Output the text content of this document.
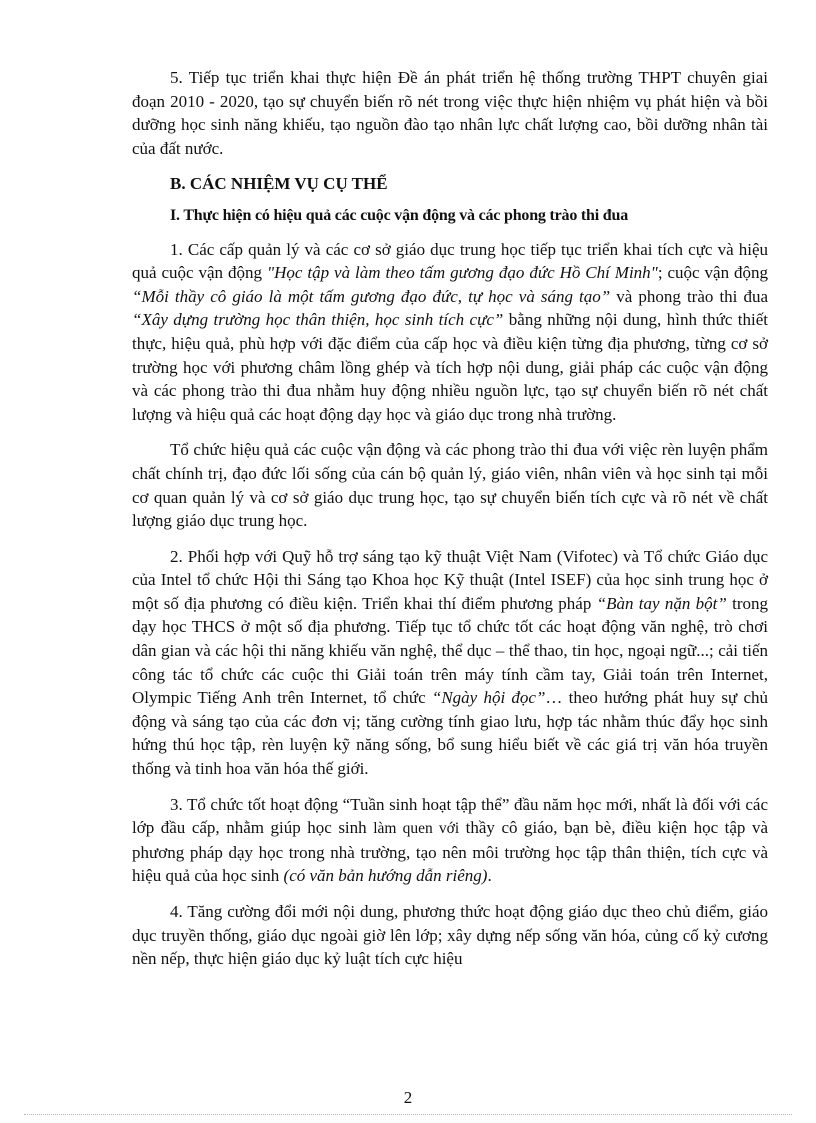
5. Tiếp tục triển khai thực hiện Đề án phát triển hệ thống trường THPT chuyên giai đoạn 2010 - 2020, tạo sự chuyển biến rõ nét trong việc thực hiện nhiệm vụ phát hiện và bồi dưỡng học sinh năng khiếu, tạo nguồn đào tạo nhân lực chất lượng cao, bồi dưỡng nhân tài của đất nước.

B. CÁC NHIỆM VỤ CỤ THỂ

I. Thực hiện có hiệu quả các cuộc vận động và các phong trào thi đua

1. Các cấp quản lý và các cơ sở giáo dục trung học tiếp tục triển khai tích cực và hiệu quả cuộc vận động "Học tập và làm theo tấm gương đạo đức Hồ Chí Minh"; cuộc vận động “Mỗi thầy cô giáo là một tấm gương đạo đức, tự học và sáng tạo” và phong trào thi đua “Xây dựng trường học thân thiện, học sinh tích cực” bằng những nội dung, hình thức thiết thực, hiệu quả, phù hợp với đặc điểm của cấp học và điều kiện từng địa phương, từng cơ sở trường học với phương châm lồng ghép và tích hợp nội dung, giải pháp các cuộc vận động và các phong trào thi đua nhằm huy động nhiều nguồn lực, tạo sự chuyển biến rõ nét chất lượng và hiệu quả các hoạt động dạy học và giáo dục trong nhà trường.

Tổ chức hiệu quả các cuộc vận động và các phong trào thi đua với việc rèn luyện phẩm chất chính trị, đạo đức lối sống của cán bộ quản lý, giáo viên, nhân viên và học sinh tại mỗi cơ quan quản lý và cơ sở giáo dục trung học, tạo sự chuyển biến tích cực và rõ nét về chất lượng giáo dục trung học.

2. Phối hợp với Quỹ hỗ trợ sáng tạo kỹ thuật Việt Nam (Vifotec) và Tổ chức Giáo dục của Intel tổ chức Hội thi Sáng tạo Khoa học Kỹ thuật (Intel ISEF) của học sinh trung học ở một số địa phương có điều kiện. Triển khai thí điểm phương pháp “Bàn tay nặn bột” trong dạy học THCS ở một số địa phương. Tiếp tục tổ chức tốt các hoạt động văn nghệ, trò chơi dân gian và các hội thi năng khiếu văn nghệ, thể dục – thể thao, tin học, ngoại ngữ...; cải tiến công tác tổ chức các cuộc thi Giải toán trên máy tính cầm tay, Giải toán trên Internet, Olympic Tiếng Anh trên Internet, tổ chức “Ngày hội đọc”… theo hướng phát huy sự chủ động và sáng tạo của các đơn vị; tăng cường tính giao lưu, hợp tác nhằm thúc đẩy học sinh hứng thú học tập, rèn luyện kỹ năng sống, bổ sung hiểu biết về các giá trị văn hóa truyền thống và tinh hoa văn hóa thế giới.

3. Tổ chức tốt hoạt động “Tuần sinh hoạt tập thể” đầu năm học mới, nhất là đối với các lớp đầu cấp, nhằm giúp học sinh làm quen với thầy cô giáo, bạn bè, điều kiện học tập và phương pháp dạy học trong nhà trường, tạo nên môi trường học tập thân thiện, tích cực và hiệu quả của học sinh (có văn bản hướng dẫn riêng).

4. Tăng cường đổi mới nội dung, phương thức hoạt động giáo dục theo chủ điểm, giáo dục truyền thống, giáo dục ngoài giờ lên lớp; xây dựng nếp sống văn hóa, củng cố kỷ cương nền nếp, thực hiện giáo dục kỷ luật tích cực hiệu

2
